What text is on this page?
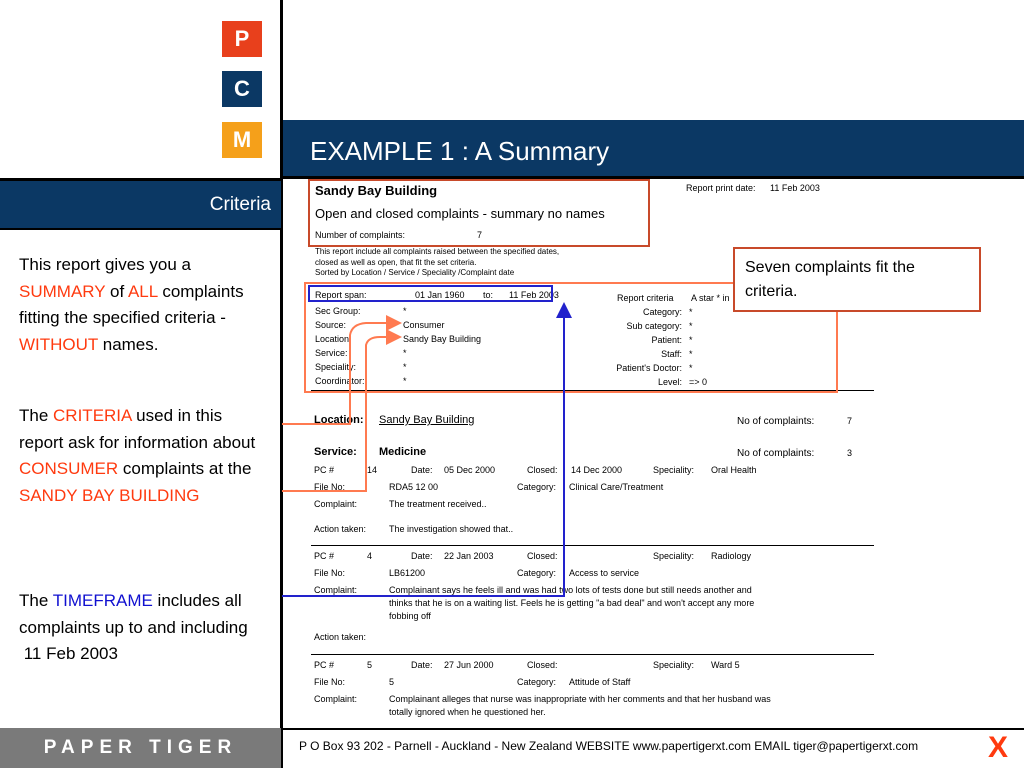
P
C
M	EXAMPLE 1 : A Summary
Criteria
This report gives you a SUMMARY of ALL complaints fitting the specified criteria - WITHOUT names.
The CRITERIA used in this report ask for information about CONSUMER complaints at the SANDY BAY BUILDING
The TIMEFRAME includes all complaints up to and including
11 Feb 2003
Sandy Bay Building	Report print date: 11 Feb 2003
Open and closed complaints - summary no names
Number of complaints:	7
This report include all complaints raised between the specified dates,
closed as well as open, that fit the set criteria.
Sorted by Location / Service / Speciality /Complaint date
Report span:	01 Jan 1960 to: 11 Feb 2003	Report criteria A star * in
Sec Group:	*
Source:	Consumer
Location:	Sandy Bay Building
Service:	*
Speciality:	*
Coordinator:	*
Category: *
Sub category: *
Patient: *
Staff: *
Patient's Doctor: *
Level: => 0
Location: Sandy Bay Building	No of complaints:	7
Service: Medicine	No of complaints:	3
PC #	14	Date: 05 Dec 2000	Closed: 14 Dec 2000	Speciality: Oral Health
File No:	RDA5 12 00	Category: Clinical Care/Treatment
Complaint:	The treatment received..
Action taken:	The investigation showed that..
PC #	4	Date: 22 Jan 2003	Closed:	Speciality: Radiology
File No:	LB61200	Category: Access to service
Complaint:	Complainant says he feels ill and was had two lots of tests done but still needs another and
thinks that he is on a waiting list. Feels he is getting "a bad deal" and won't accept any more
fobbing off
Action taken:
PC #	5	Date: 27 Jun 2000	Closed:	Speciality: Ward 5
File No:	5	Category: Attitude of Staff
Complaint:	Complainant alleges that nurse was inappropriate with her comments and that her husband was
totally ignored when he questioned her.
Seven complaints fit the criteria.
PAPER TIGER	P O Box 93 202 - Parnell - Auckland - New Zealand WEBSITE www.papertigerxt.com EMAIL tiger@papertigerxt.com X
